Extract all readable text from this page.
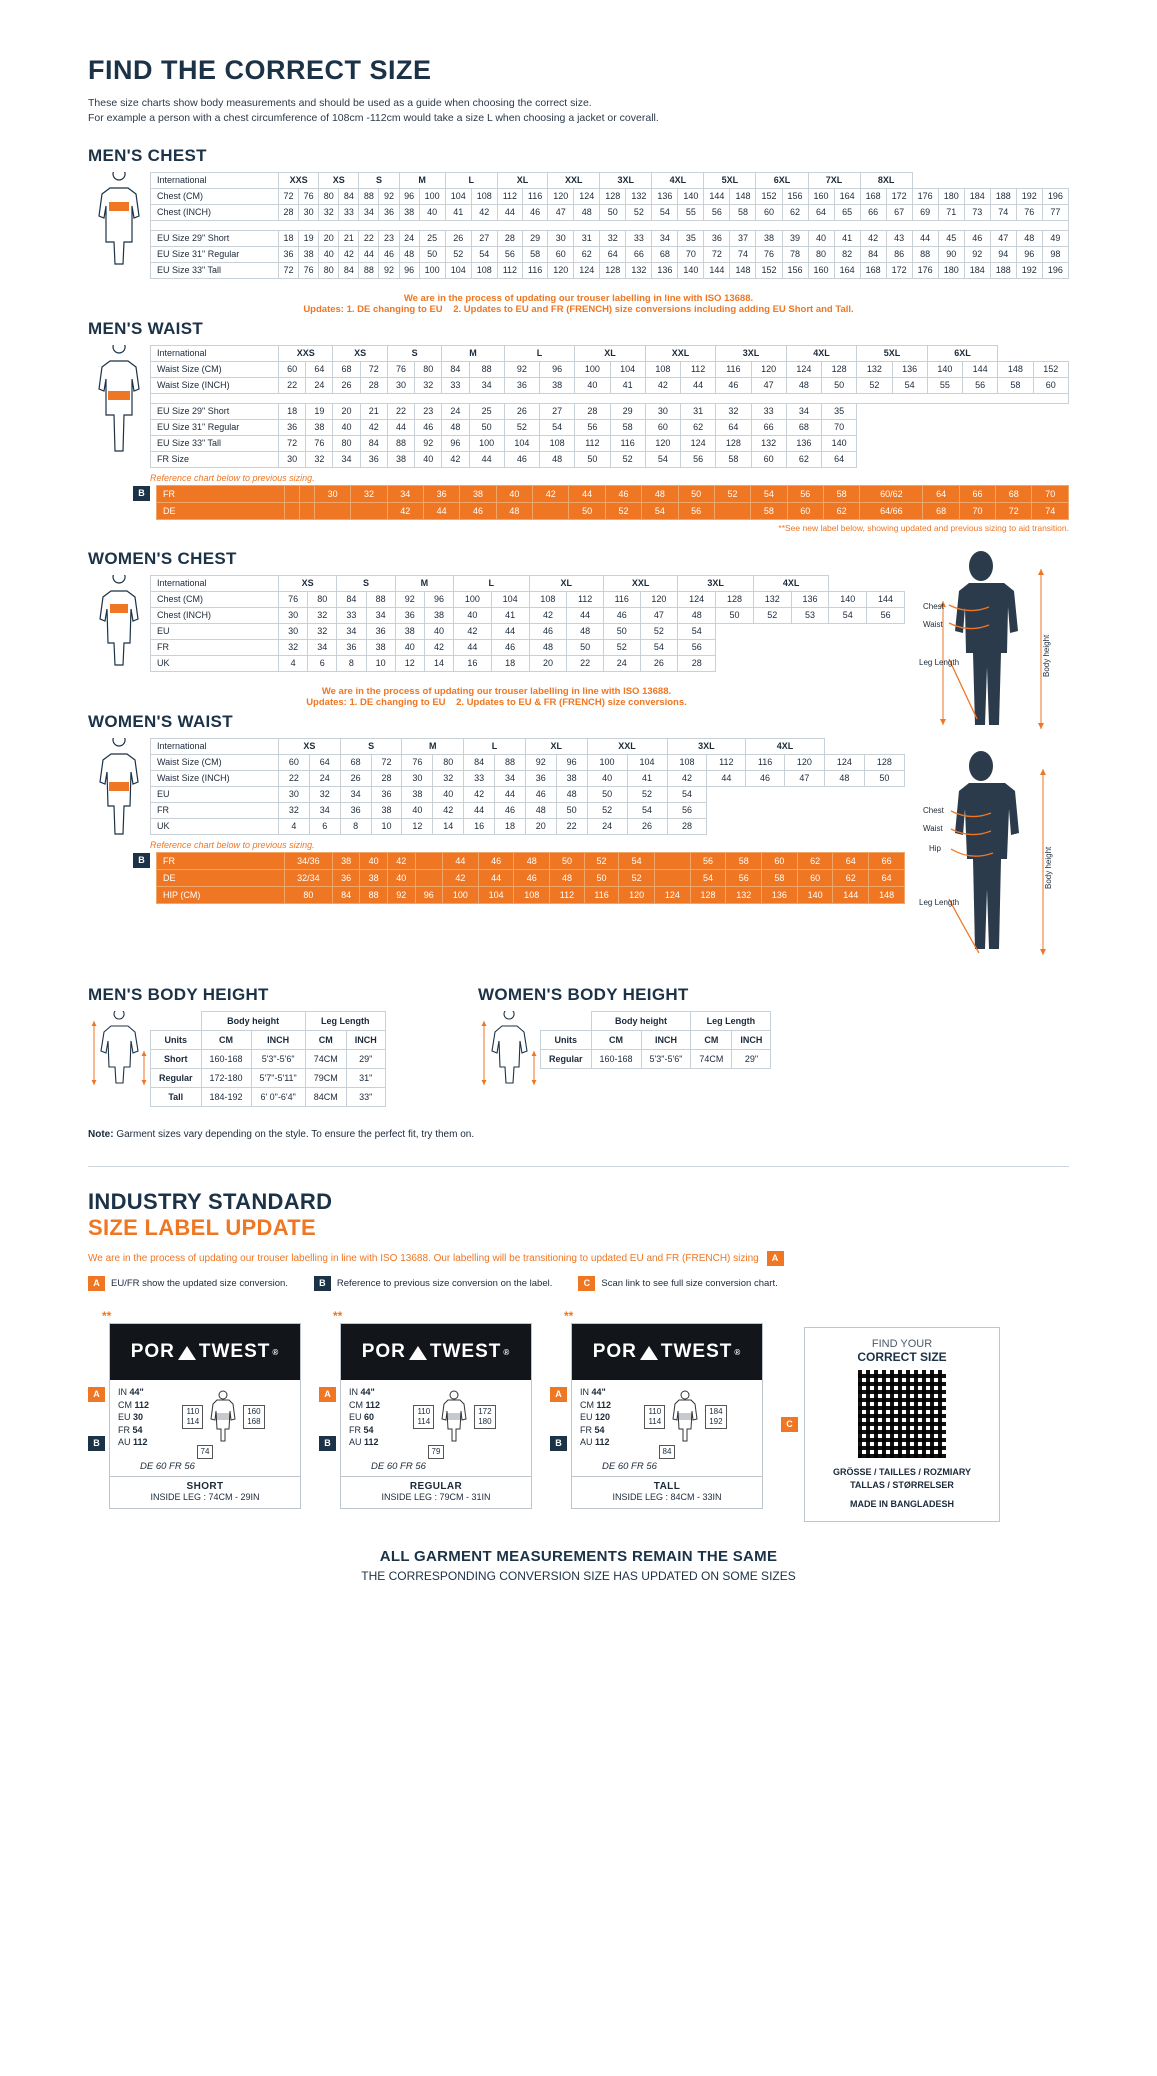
FIND THE CORRECT SIZE
These size charts show body measurements and should be used as a guide when choosing the correct size.
For example a person with a chest circumference of 108cm -112cm would take a size L when choosing a jacket or coverall.
MEN'S CHEST
International	XXS		XS		S		M		L		XL		XXL		3XL		4XL		5XL		6XL		7XL		8XL							
Chest (CM)	72	76	80	84	88	92	96	100	104	108	112	116	120	124	128	132	136	140	144	148	152	156	160	164	168	172	176	180	184	188	192	196
Chest (INCH)	28	30	32	33	34	36	38	40	41	42	44	46	47	48	50	52	54	55	56	58	60	62	64	65	66	67	69	71	73	74	76	77

EU Size 29" Short	18	19	20	21	22	23	24	25	26	27	28	29	30	31	32	33	34	35	36	37	38	39	40	41	42	43	44	45	46	47	48	49
EU Size 31" Regular	36	38	40	42	44	46	48	50	52	54	56	58	60	62	64	66	68	70	72	74	76	78	80	82	84	86	88	90	92	94	96	98
EU Size 33" Tall	72	76	80	84	88	92	96	100	104	108	112	116	120	124	128	132	136	140	144	148	152	156	160	164	168	172	176	180	184	188	192	196
We are in the process of updating our trouser labelling in line with ISO 13688.
Updates: 1. DE changing to EU 2. Updates to EU and FR (FRENCH) size conversions including adding EU Short and Tall.
MEN'S WAIST
International	XXS		XS		S		M		L		XL		XXL		3XL		4XL		5XL		6XL			
Waist Size (CM)	60	64	68	72	76	80	84	88	92	96	100	104	108	112	116	120	124	128	132	136	140	144	148	152
Waist Size (INCH)	22	24	26	28	30	32	33	34	36	38	40	41	42	44	46	47	48	50	52	54	55	56	58	60

EU Size 29" Short	18	19	20	21	22	23	24	25	26	27	28	29	30	31	32	33	34	35						
EU Size 31" Regular	36	38	40	42	44	46	48	50	52	54	56	58	60	62	64	66	68	70						
EU Size 33" Tall	72	76	80	84	88	92	96	100	104	108	112	116	120	124	128	132	136	140						
FR Size	30	32	34	36	38	40	42	44	46	48	50	52	54	56	58	60	62	64						
Reference chart below to previous sizing.
B	FR			30	32	34	36	38	40	42	44	46	48	50	52	54	56	58	60/62	64	66	68	70
DE					42	44	46	48		50	52	54	56		58	60	62	64/66	68	70	72	74
**See new label below, showing updated and previous sizing to aid transition.
WOMEN'S CHEST
International	XS		S		M		L		XL		XXL		3XL		4XL			
Chest (CM)	76	80	84	88	92	96	100	104	108	112	116	120	124	128	132	136	140	144
Chest (INCH)	30	32	33	34	36	38	40	41	42	44	46	47	48	50	52	53	54	56
EU	30	32	34	36	38	40	42	44	46	48	50	52	54					
FR	32	34	36	38	40	42	44	46	48	50	52	54	56					
UK	4	6	8	10	12	14	16	18	20	22	24	26	28					
We are in the process of updating our trouser labelling in line with ISO 13688.
Updates: 1. DE changing to EU 2. Updates to EU & FR (FRENCH) size conversions.
WOMEN'S WAIST
International	XS		S		M		L		XL		XXL		3XL		4XL			
Waist Size (CM)	60	64	68	72	76	80	84	88	92	96	100	104	108	112	116	120	124	128
Waist Size (INCH)	22	24	26	28	30	32	33	34	36	38	40	41	42	44	46	47	48	50
EU	30	32	34	36	38	40	42	44	46	48	50	52	54					
FR	32	34	36	38	40	42	44	46	48	50	52	54	56					
UK	4	6	8	10	12	14	16	18	20	22	24	26	28					
Reference chart below to previous sizing.
B	FR	34/36	38	40	42		44	46	48	50	52	54		56	58	60	62	64	66
DE	32/34	36	38	40		42	44	46	48	50	52		54	56	58	60	62	64
HIP (CM)	80	84	88	92	96	100	104	108	112	116	120	124	128	132	136	140	144	148
Chest
Waist
Leg Length	Body height
Chest
Waist
Hip
Leg Length
Body height
MEN'S BODY HEIGHT
	Body height		Leg Length	
Units	CM	INCH	CM	INCH
Short	160-168	5'3"-5'6"	74CM	29"
Regular	172-180	5'7"-5'11"	79CM	31"
Tall	184-192	6' 0"-6'4"	84CM	33"
WOMEN'S BODY HEIGHT
	Body height		Leg Length	
Units	CM	INCH	CM	INCH
Regular	160-168	5'3"-5'6"	74CM	29"
Note: Garment sizes vary depending on the style. To ensure the perfect fit, try them on.
INDUSTRY STANDARD
SIZE LABEL UPDATE
We are in the process of updating our trouser labelling in line with ISO 13688. Our labelling will be transitioning to updated EU and FR (FRENCH) sizing A
A	EU/FR show the updated size conversion.	B	Reference to previous size conversion on the label.	C	Scan link to see full size conversion chart.
**
A
B
POR TWEST ®
IN 44"
CM 112
EU 30
FR 54
AU 112
110
114
160
168
74
DE 60 FR 56
SHORT
INSIDE LEG : 74CM - 29IN
**
A
B
POR TWEST ®
IN 44"
CM 112
EU 60
FR 54
AU 112
110
114
172
180
79
DE 60 FR 56
REGULAR
INSIDE LEG : 79CM - 31IN
**
A
B
POR TWEST ®
IN 44"
CM 112
EU 120
FR 54
AU 112
110
114
184
192
84
DE 60 FR 56
TALL
INSIDE LEG : 84CM - 33IN
C
FIND YOUR
CORRECT SIZE
GRÖSSE / TAILLES / ROZMIARY
TALLAS / STØRRELSER
MADE IN BANGLADESH
ALL GARMENT MEASUREMENTS REMAIN THE SAME
THE CORRESPONDING CONVERSION SIZE HAS UPDATED ON SOME SIZES
